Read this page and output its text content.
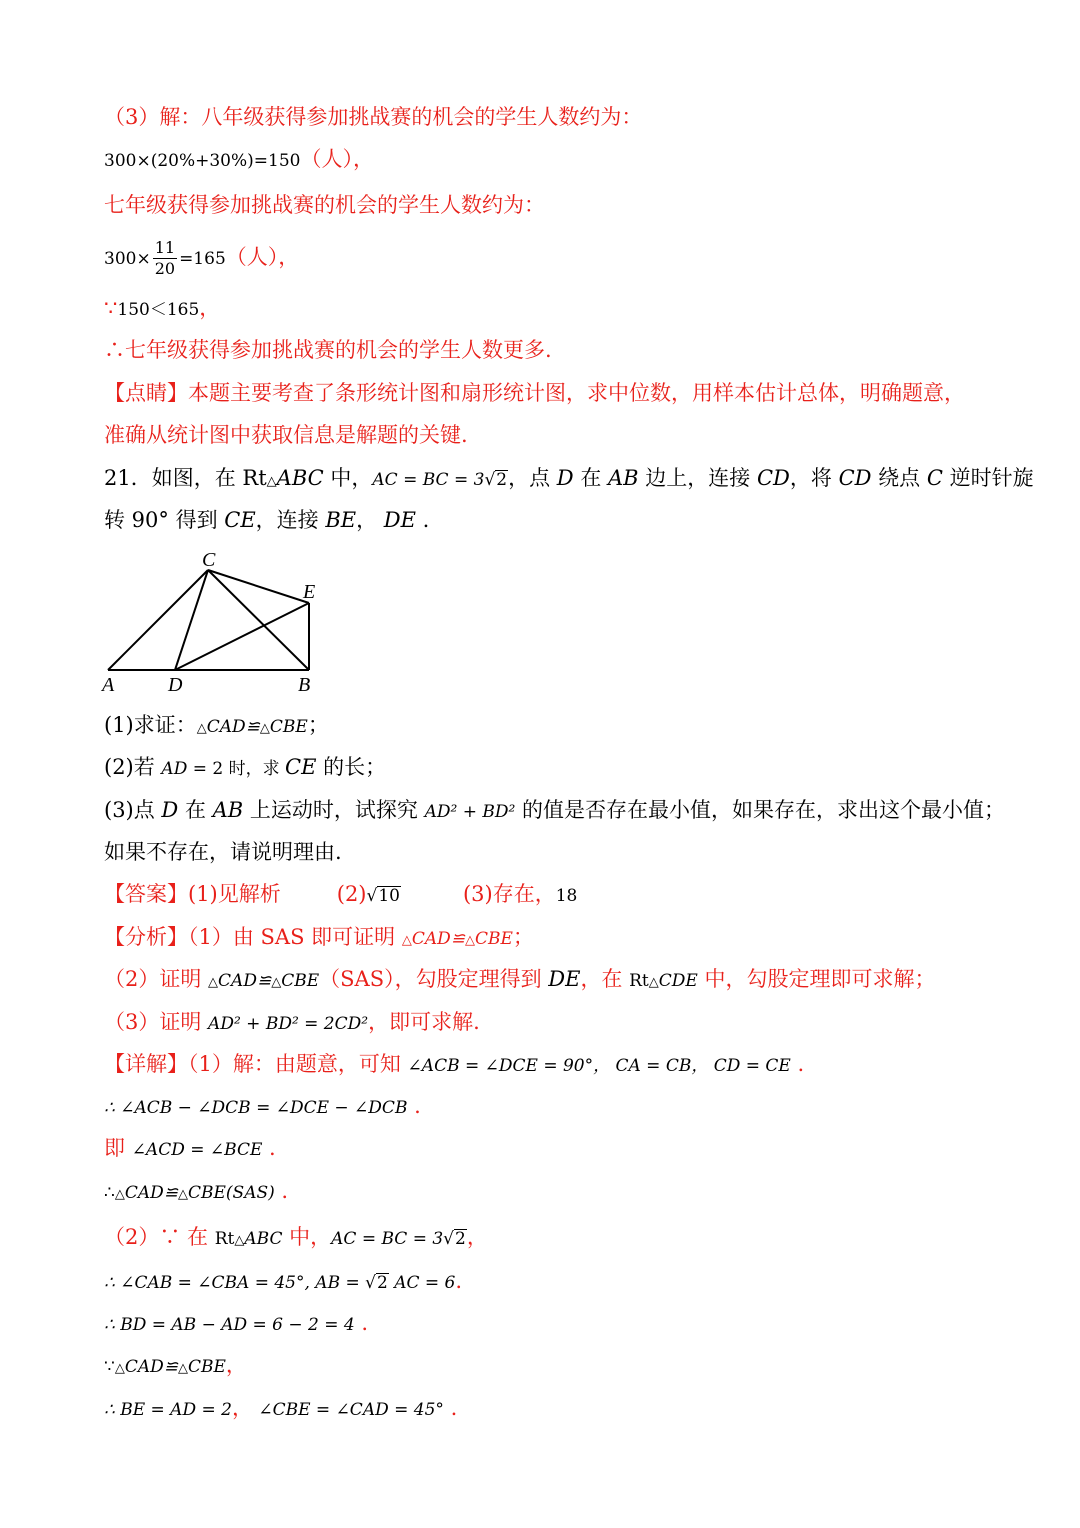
（3）解：八年级获得参加挑战赛的机会的学生人数约为：
300×(20%+30%)=150（人），
七年级获得参加挑战赛的机会的学生人数约为：
$300\times \frac{11}{20} =165$（人），
∵150＜165，
∴七年级获得参加挑战赛的机会的学生人数更多.
【点睛】本题主要考查了条形统计图和扇形统计图，求中位数，用样本估计总体，明确题意，
准确从统计图中获取信息是解题的关键.
21．如图，在 Rt△ABC 中，AC = BC = 3√2，点 D 在 AB 边上，连接 CD，将 CD 绕点 C 逆时针旋
转 90° 得到 CE，连接 BE， DE .
C
E
A	D	B
(1)求证：△CAD≌△CBE；
(2)若 AD = 2 时，求 CE 的长；
(3)点 D 在 AB 上运动时，试探究 AD² + BD² 的值是否存在最小值，如果存在，求出这个最小值；
如果不存在，请说明理由.
【答案】(1)见解析	(2)√10	(3)存在，18
【分析】（1）由 SAS 即可证明 △CAD≌△CBE；
（2）证明 △CAD≌△CBE（SAS），勾股定理得到 DE，在 Rt△CDE 中，勾股定理即可求解；
（3）证明 AD² + BD² = 2CD²，即可求解.
【详解】（1）解：由题意，可知 ∠ACB = ∠DCE = 90°， CA = CB， CD = CE .
∴ ∠ACB − ∠DCB = ∠DCE − ∠DCB .
即 ∠ACD = ∠BCE .
∴△CAD≌△CBE(SAS) .
（2）∵ 在 Rt△ABC 中，AC = BC = 3√2，
∴ ∠CAB = ∠CBA = 45°, AB = √2 AC = 6.
∴ BD = AB − AD = 6 − 2 = 4 .
∵△CAD≌△CBE，
∴ BE = AD = 2， ∠CBE = ∠CAD = 45° .
